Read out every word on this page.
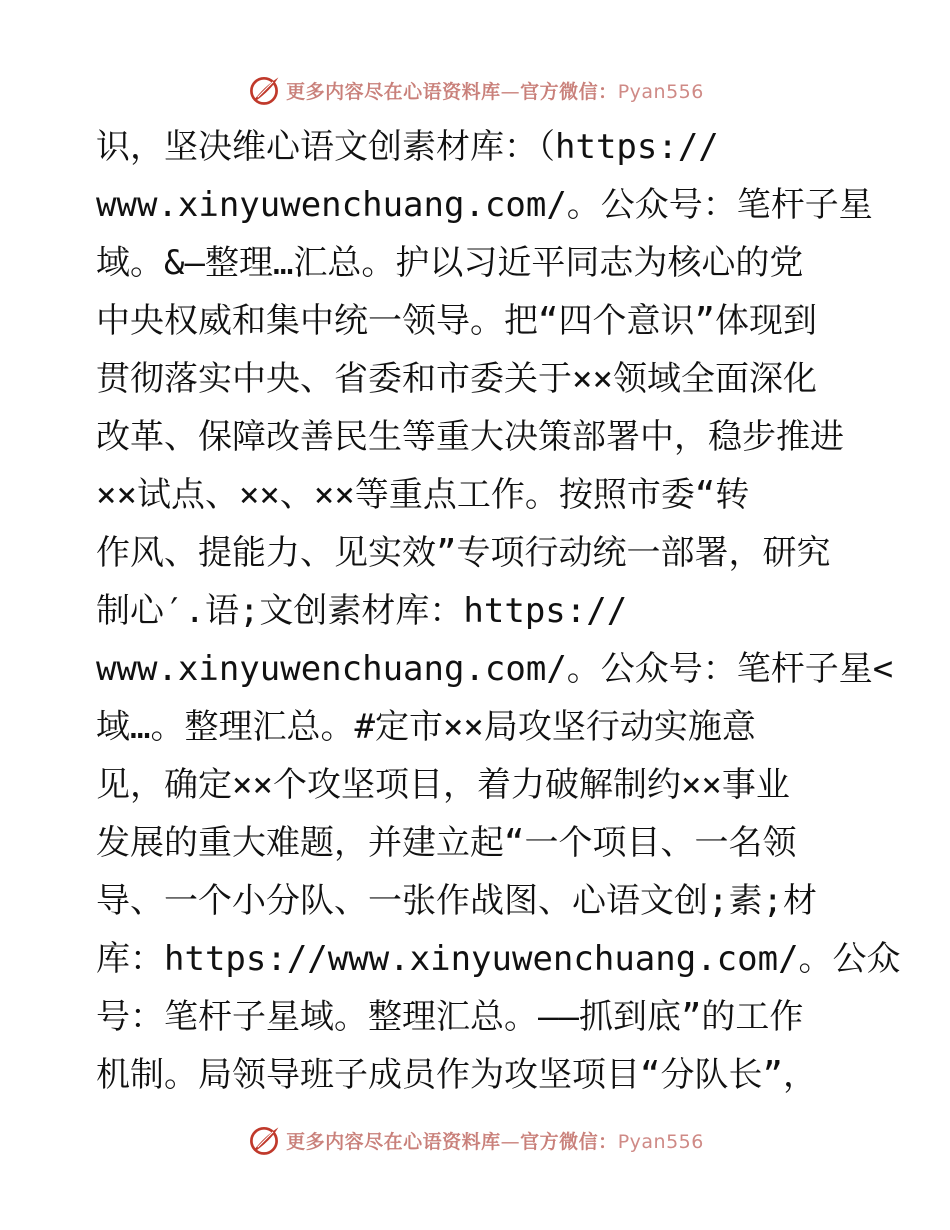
更多内容尽在心语资料库—官方微信：Pyan556
识，坚决维心语文创素材库：（https://
www.xinyuwenchuang.com/。公众号：笔杆子星
域。&—整理…汇总。护以习近平同志为核心的党
中央权威和集中统一领导。把“四个意识”体现到
贯彻落实中央、省委和市委关于××领域全面深化
改革、保障改善民生等重大决策部署中，稳步推进
××试点、××、××等重点工作。按照市委“转
作风、提能力、见实效”专项行动统一部署，研究
制心′.语;文创素材库：https://
www.xinyuwenchuang.com/。公众号：笔杆子星<
域…。整理汇总。#定市××局攻坚行动实施意
见，确定××个攻坚项目，着力破解制约××事业
发展的重大难题，并建立起“一个项目、一名领
导、一个小分队、一张作战图、心语文创;素;材
库：https://www.xinyuwenchuang.com/。公众
号：笔杆子星域。整理汇总。——抓到底”的工作
机制。局领导班子成员作为攻坚项目“分队长”，
更多内容尽在心语资料库—官方微信：Pyan556
